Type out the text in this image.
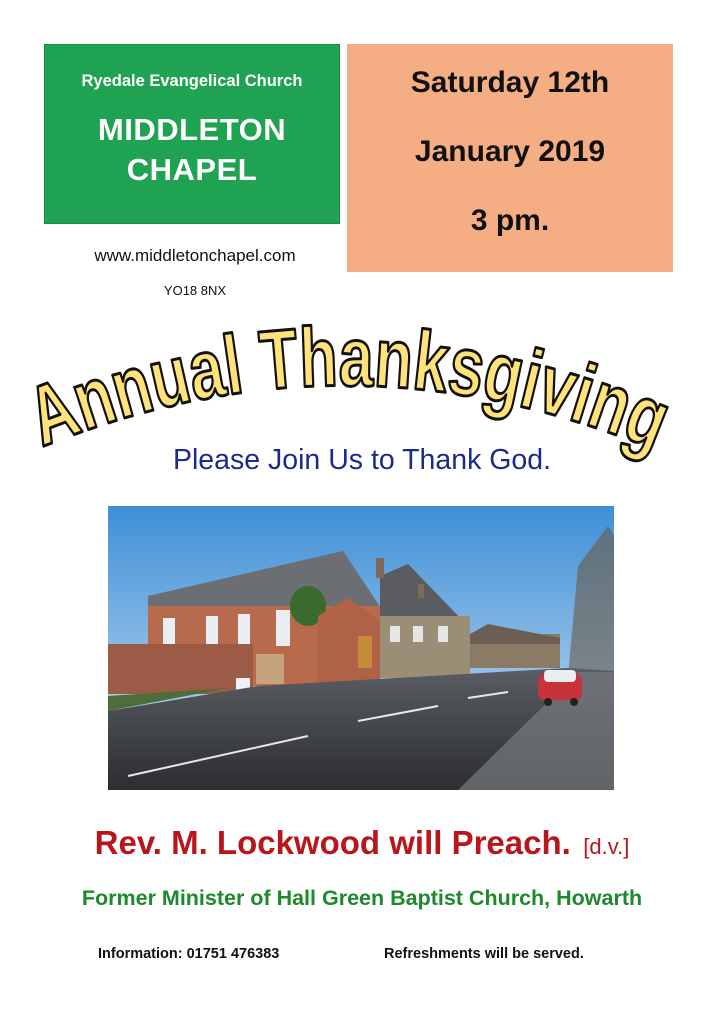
Ryedale Evangelical Church
MIDDLETON
CHAPEL
Saturday 12th
January 2019
3 pm.
www.middletonchapel.com
YO18 8NX
Annual Thanksgiving
Please Join Us to Thank God.
Rev. M. Lockwood will Preach. [d.v.]
Former Minister of Hall Green Baptist Church, Howarth
Information: 01751 476383	Refreshments will be served.
